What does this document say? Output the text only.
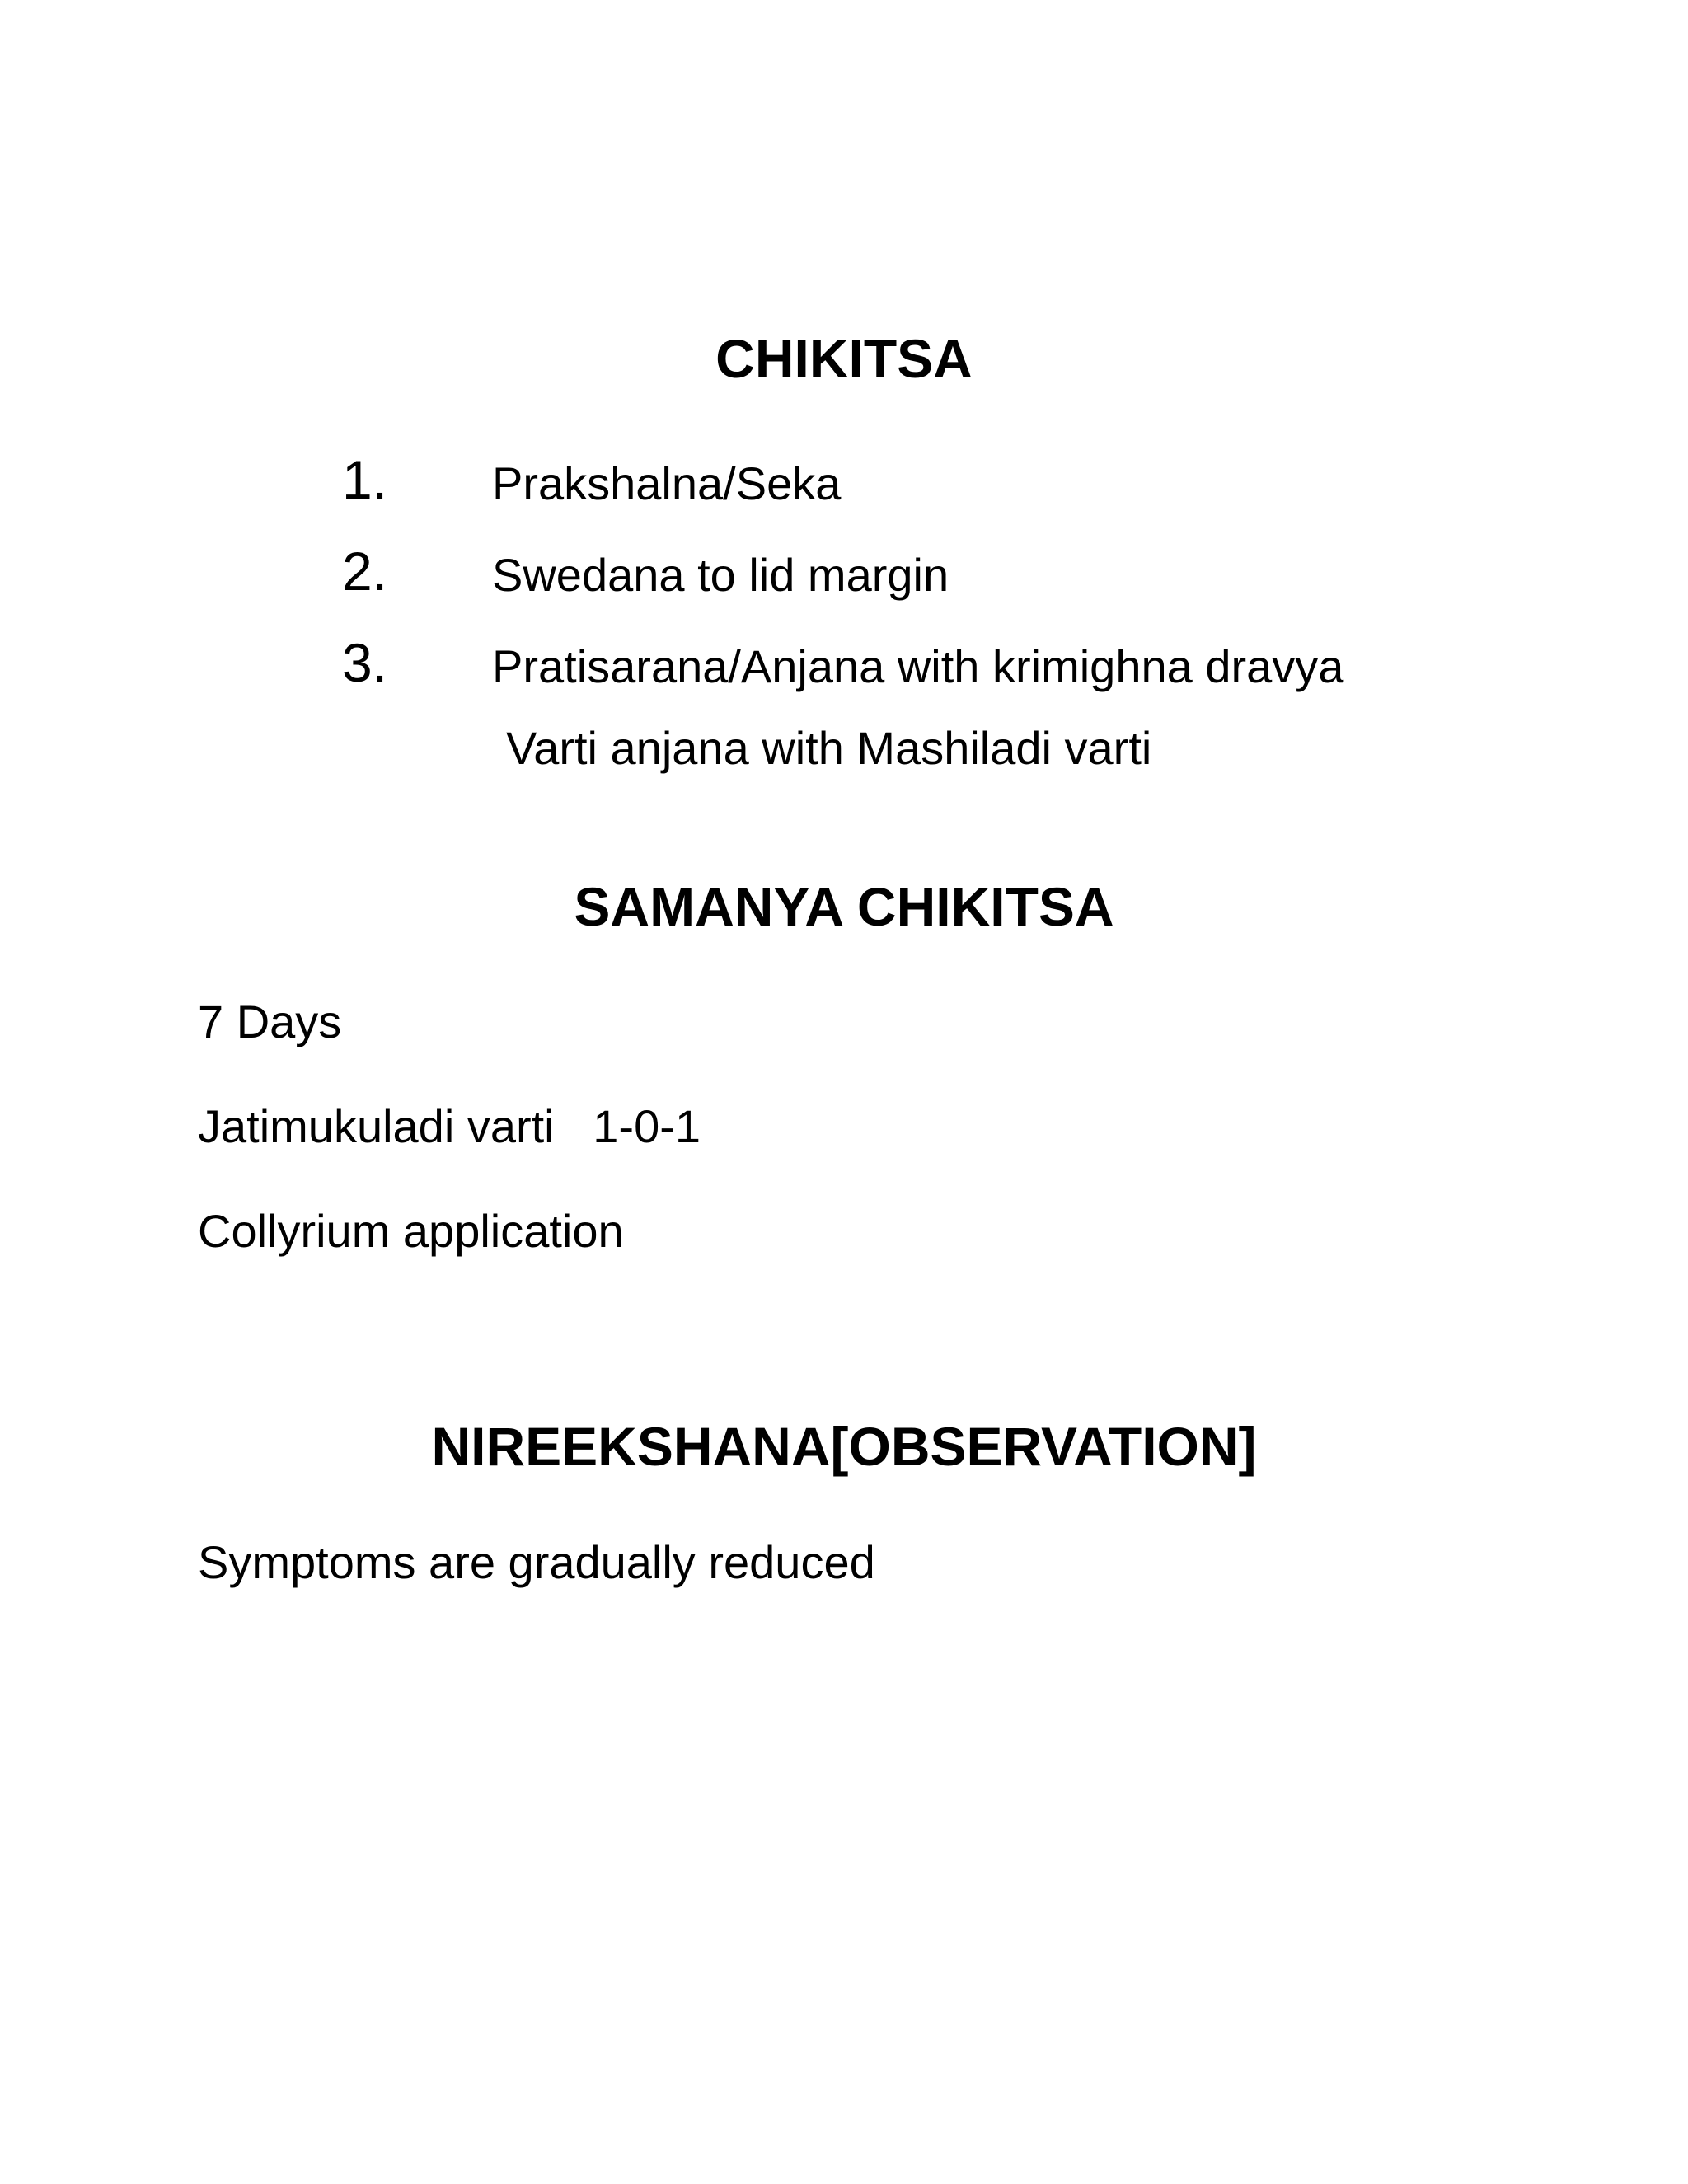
CHIKITSA
1. Prakshalna/Seka
2. Swedana to lid margin
3. Pratisarana/Anjana with krimighna dravya
Varti anjana with Mashiladi varti
SAMANYA CHIKITSA
7 Days
Jatimukuladi varti   1-0-1
Collyrium application
NIREEKSHANA[OBSERVATION]
Symptoms are gradually reduced
